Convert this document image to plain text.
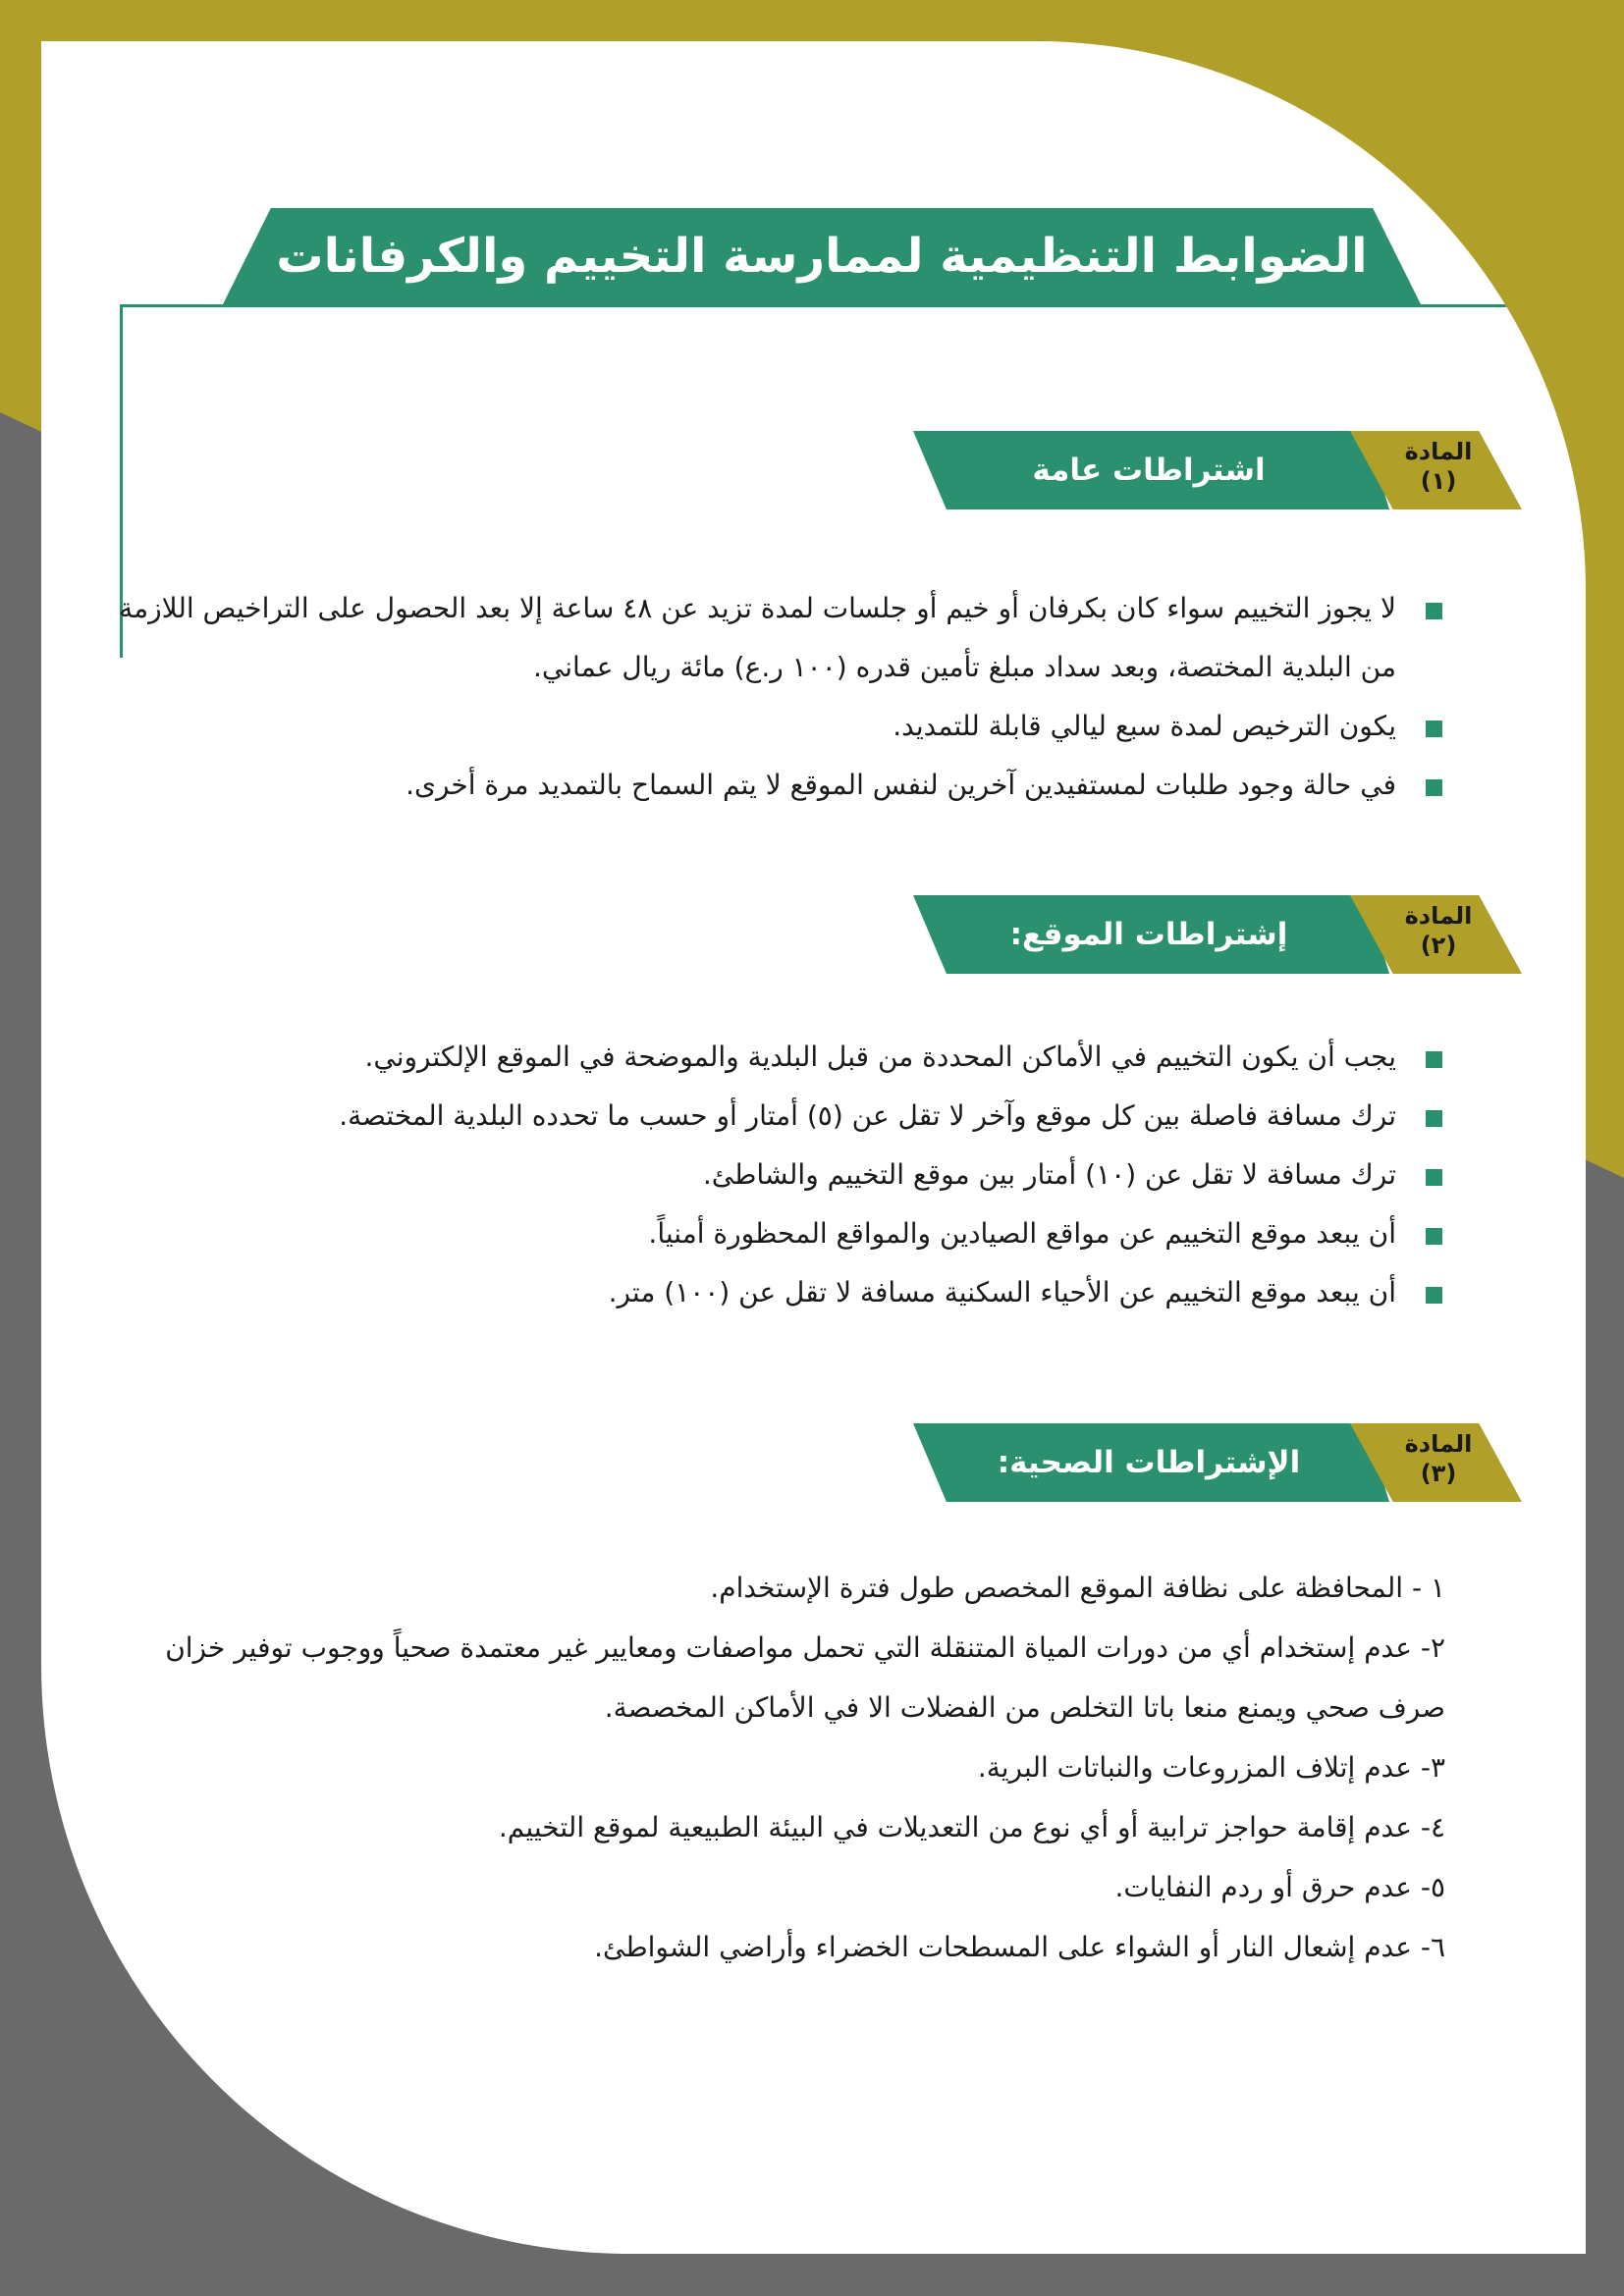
الضوابط التنظيمية لممارسة التخييم والكرفانات السياحية
اشتراطات عامة
المادة
(١)
لا يجوز التخييم سواء كان بكرفان أو خيم أو جلسات لمدة تزيد عن ٤٨ ساعة إلا بعد الحصول على التراخيص اللازمة من البلدية المختصة، وبعد سداد مبلغ تأمين قدره (١٠٠ ر.ع) مائة ريال عماني.
يكون الترخيص لمدة سبع ليالي قابلة للتمديد.
في حالة وجود طلبات لمستفيدين آخرين لنفس الموقع لا يتم السماح بالتمديد مرة أخرى.
إشتراطات الموقع:
المادة
(٢)
يجب أن يكون التخييم في الأماكن المحددة من قبل البلدية والموضحة في الموقع الإلكتروني.
ترك مسافة فاصلة بين كل موقع وآخر لا تقل عن (٥) أمتار أو حسب ما تحدده البلدية المختصة.
ترك مسافة لا تقل عن (١٠) أمتار بين موقع التخييم والشاطئ.
أن يبعد موقع التخييم عن مواقع الصيادين والمواقع المحظورة أمنياً.
أن يبعد موقع التخييم عن الأحياء السكنية مسافة لا تقل عن (١٠٠) متر.
الإشتراطات الصحية:
المادة
(٣)
١ - المحافظة على نظافة الموقع المخصص طول فترة الإستخدام.
٢- عدم إستخدام أي من دورات المياة المتنقلة التي تحمل مواصفات ومعايير غير معتمدة صحياً ووجوب توفير خزان صرف صحي ويمنع منعا باتا التخلص من الفضلات الا في الأماكن المخصصة.
٣- عدم إتلاف المزروعات والنباتات البرية.
٤- عدم إقامة حواجز ترابية أو أي نوع من التعديلات في البيئة الطبيعية لموقع التخييم.
٥- عدم حرق أو ردم النفايات.
٦- عدم إشعال النار أو الشواء على المسطحات الخضراء وأراضي الشواطئ.
